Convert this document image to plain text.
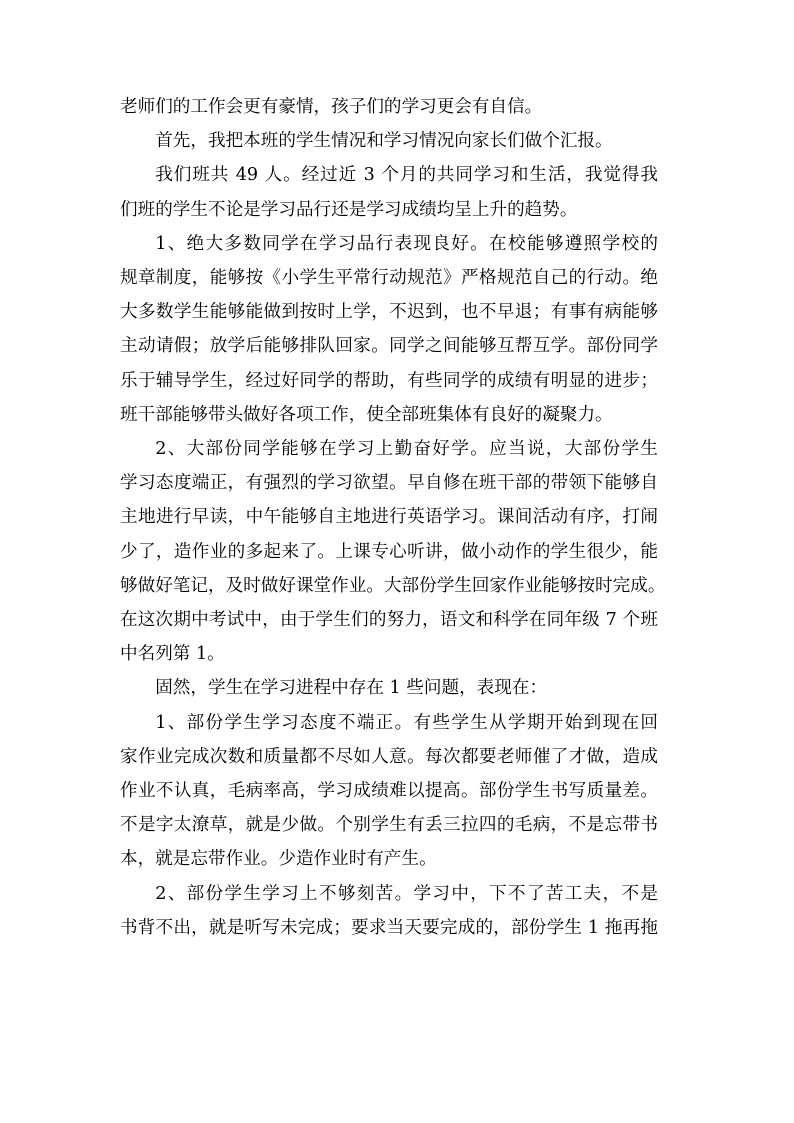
老师们的工作会更有豪情，孩子们的学习更会有自信。
首先，我把本班的学生情况和学习情况向家长们做个汇报。
我们班共 49 人。经过近 3 个月的共同学习和生活，我觉得我
们班的学生不论是学习品行还是学习成绩均呈上升的趋势。
1、绝大多数同学在学习品行表现良好。在校能够遵照学校的
规章制度，能够按《小学生平常行动规范》严格规范自己的行动。绝
大多数学生能够能做到按时上学，不迟到，也不早退；有事有病能够
主动请假；放学后能够排队回家。同学之间能够互帮互学。部份同学
乐于辅导学生，经过好同学的帮助，有些同学的成绩有明显的进步；
班干部能够带头做好各项工作，使全部班集体有良好的凝聚力。
2、大部份同学能够在学习上勤奋好学。应当说，大部份学生
学习态度端正，有强烈的学习欲望。早自修在班干部的带领下能够自
主地进行早读，中午能够自主地进行英语学习。课间活动有序，打闹
少了，造作业的多起来了。上课专心听讲，做小动作的学生很少，能
够做好笔记，及时做好课堂作业。大部份学生回家作业能够按时完成。
在这次期中考试中，由于学生们的努力，语文和科学在同年级 7 个班
中名列第 1。
固然，学生在学习进程中存在 1 些问题，表现在：
1、部份学生学习态度不端正。有些学生从学期开始到现在回
家作业完成次数和质量都不尽如人意。每次都要老师催了才做，造成
作业不认真，毛病率高，学习成绩难以提高。部份学生书写质量差。
不是字太潦草，就是少做。个别学生有丢三拉四的毛病，不是忘带书
本，就是忘带作业。少造作业时有产生。
2、部份学生学习上不够刻苦。学习中，下不了苦工夫，不是
书背不出，就是听写未完成；要求当天要完成的，部份学生 1 拖再拖
